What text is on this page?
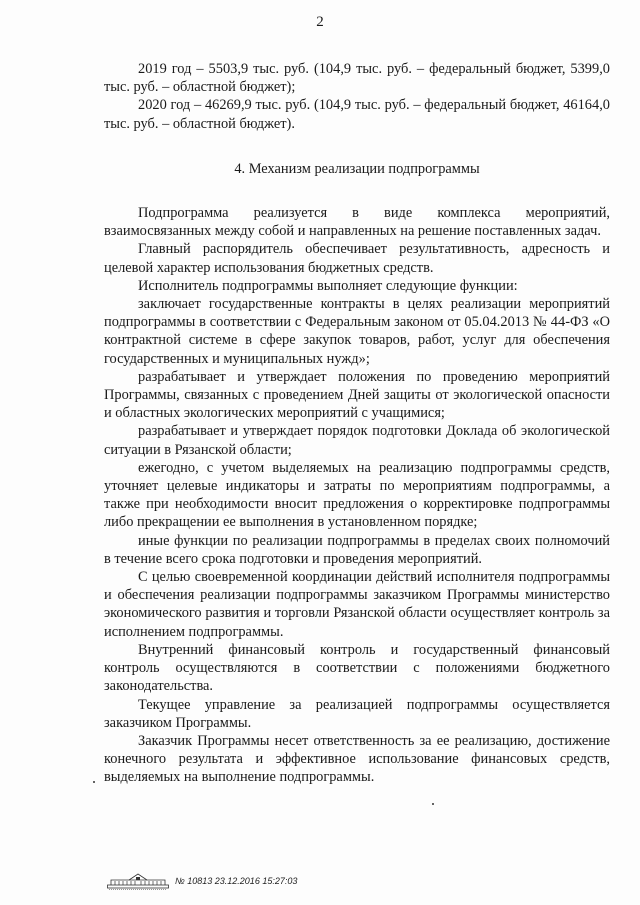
2

2019 год – 5503,9 тыс. руб. (104,9 тыс. руб. – федеральный бюджет, 5399,0 тыс. руб. – областной бюджет);

2020 год – 46269,9 тыс. руб. (104,9 тыс. руб. – федеральный бюджет, 46164,0 тыс. руб. – областной бюджет).

4. Механизм реализации подпрограммы

Подпрограмма реализуется в виде комплекса мероприятий, взаимосвязанных между собой и направленных на решение поставленных задач.

Главный распорядитель обеспечивает результативность, адресность и целевой характер использования бюджетных средств.

Исполнитель подпрограммы выполняет следующие функции:

заключает государственные контракты в целях реализации мероприятий подпрограммы в соответствии с Федеральным законом от 05.04.2013 № 44-ФЗ «О контрактной системе в сфере закупок товаров, работ, услуг для обеспечения государственных и муниципальных нужд»;

разрабатывает и утверждает положения по проведению мероприятий Программы, связанных с проведением Дней защиты от экологической опасности и областных экологических мероприятий с учащимися;

разрабатывает и утверждает порядок подготовки Доклада об экологической ситуации в Рязанской области;

ежегодно, с учетом выделяемых на реализацию подпрограммы средств, уточняет целевые индикаторы и затраты по мероприятиям подпрограммы, а также при необходимости вносит предложения о корректировке подпрограммы либо прекращении ее выполнения в установленном порядке;

иные функции по реализации подпрограммы в пределах своих полномочий в течение всего срока подготовки и проведения мероприятий.

С целью своевременной координации действий исполнителя подпрограммы и обеспечения реализации подпрограммы заказчиком Программы министерство экономического развития и торговли Рязанской области осуществляет контроль за исполнением подпрограммы.

Внутренний финансовый контроль и государственный финансовый контроль осуществляются в соответствии с положениями бюджетного законодательства.

Текущее управление за реализацией подпрограммы осуществляется заказчиком Программы.

Заказчик Программы несет ответственность за ее реализацию, достижение конечного результата и эффективное использование финансовых средств, выделяемых на выполнение подпрограммы.

№ 10813 23.12.2016 15:27:03
